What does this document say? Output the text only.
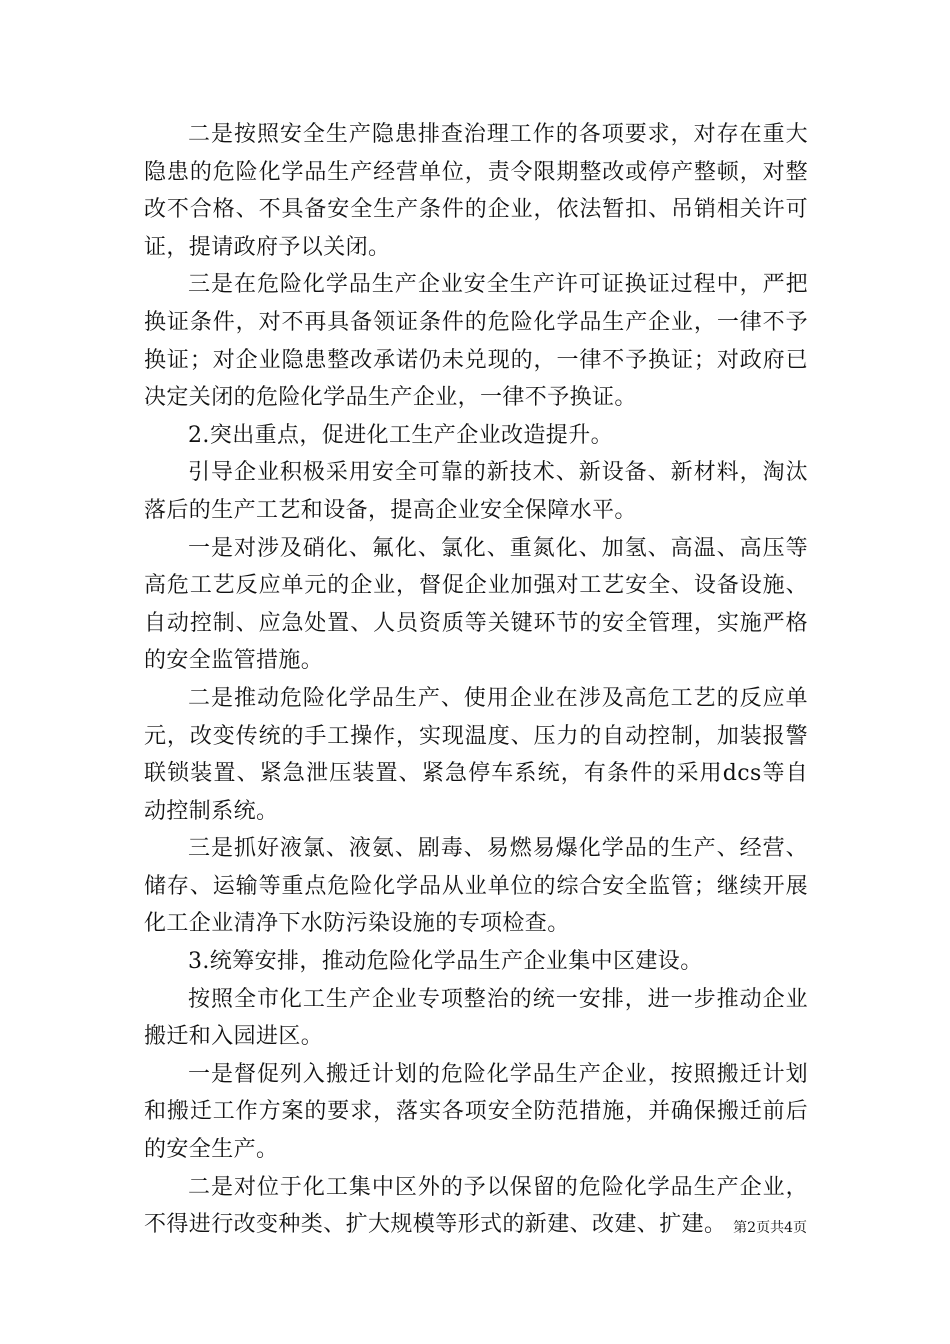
二是按照安全生产隐患排查治理工作的各项要求，对存在重大隐患的危险化学品生产经营单位，责令限期整改或停产整顿，对整改不合格、不具备安全生产条件的企业，依法暂扣、吊销相关许可证，提请政府予以关闭。

三是在危险化学品生产企业安全生产许可证换证过程中，严把换证条件，对不再具备领证条件的危险化学品生产企业，一律不予换证；对企业隐患整改承诺仍未兑现的，一律不予换证；对政府已决定关闭的危险化学品生产企业，一律不予换证。

2.突出重点，促进化工生产企业改造提升。

引导企业积极采用安全可靠的新技术、新设备、新材料，淘汰落后的生产工艺和设备，提高企业安全保障水平。

一是对涉及硝化、氟化、氯化、重氮化、加氢、高温、高压等高危工艺反应单元的企业，督促企业加强对工艺安全、设备设施、自动控制、应急处置、人员资质等关键环节的安全管理，实施严格的安全监管措施。

二是推动危险化学品生产、使用企业在涉及高危工艺的反应单元，改变传统的手工操作，实现温度、压力的自动控制，加装报警联锁装置、紧急泄压装置、紧急停车系统，有条件的采用dcs等自动控制系统。

三是抓好液氯、液氨、剧毒、易燃易爆化学品的生产、经营、储存、运输等重点危险化学品从业单位的综合安全监管；继续开展化工企业清净下水防污染设施的专项检查。

3.统筹安排，推动危险化学品生产企业集中区建设。

按照全市化工生产企业专项整治的统一安排，进一步推动企业搬迁和入园进区。

一是督促列入搬迁计划的危险化学品生产企业，按照搬迁计划和搬迁工作方案的要求，落实各项安全防范措施，并确保搬迁前后的安全生产。

二是对位于化工集中区外的予以保留的危险化学品生产企业，不得进行改变种类、扩大规模等形式的新建、改建、扩建。 第2页共4页
